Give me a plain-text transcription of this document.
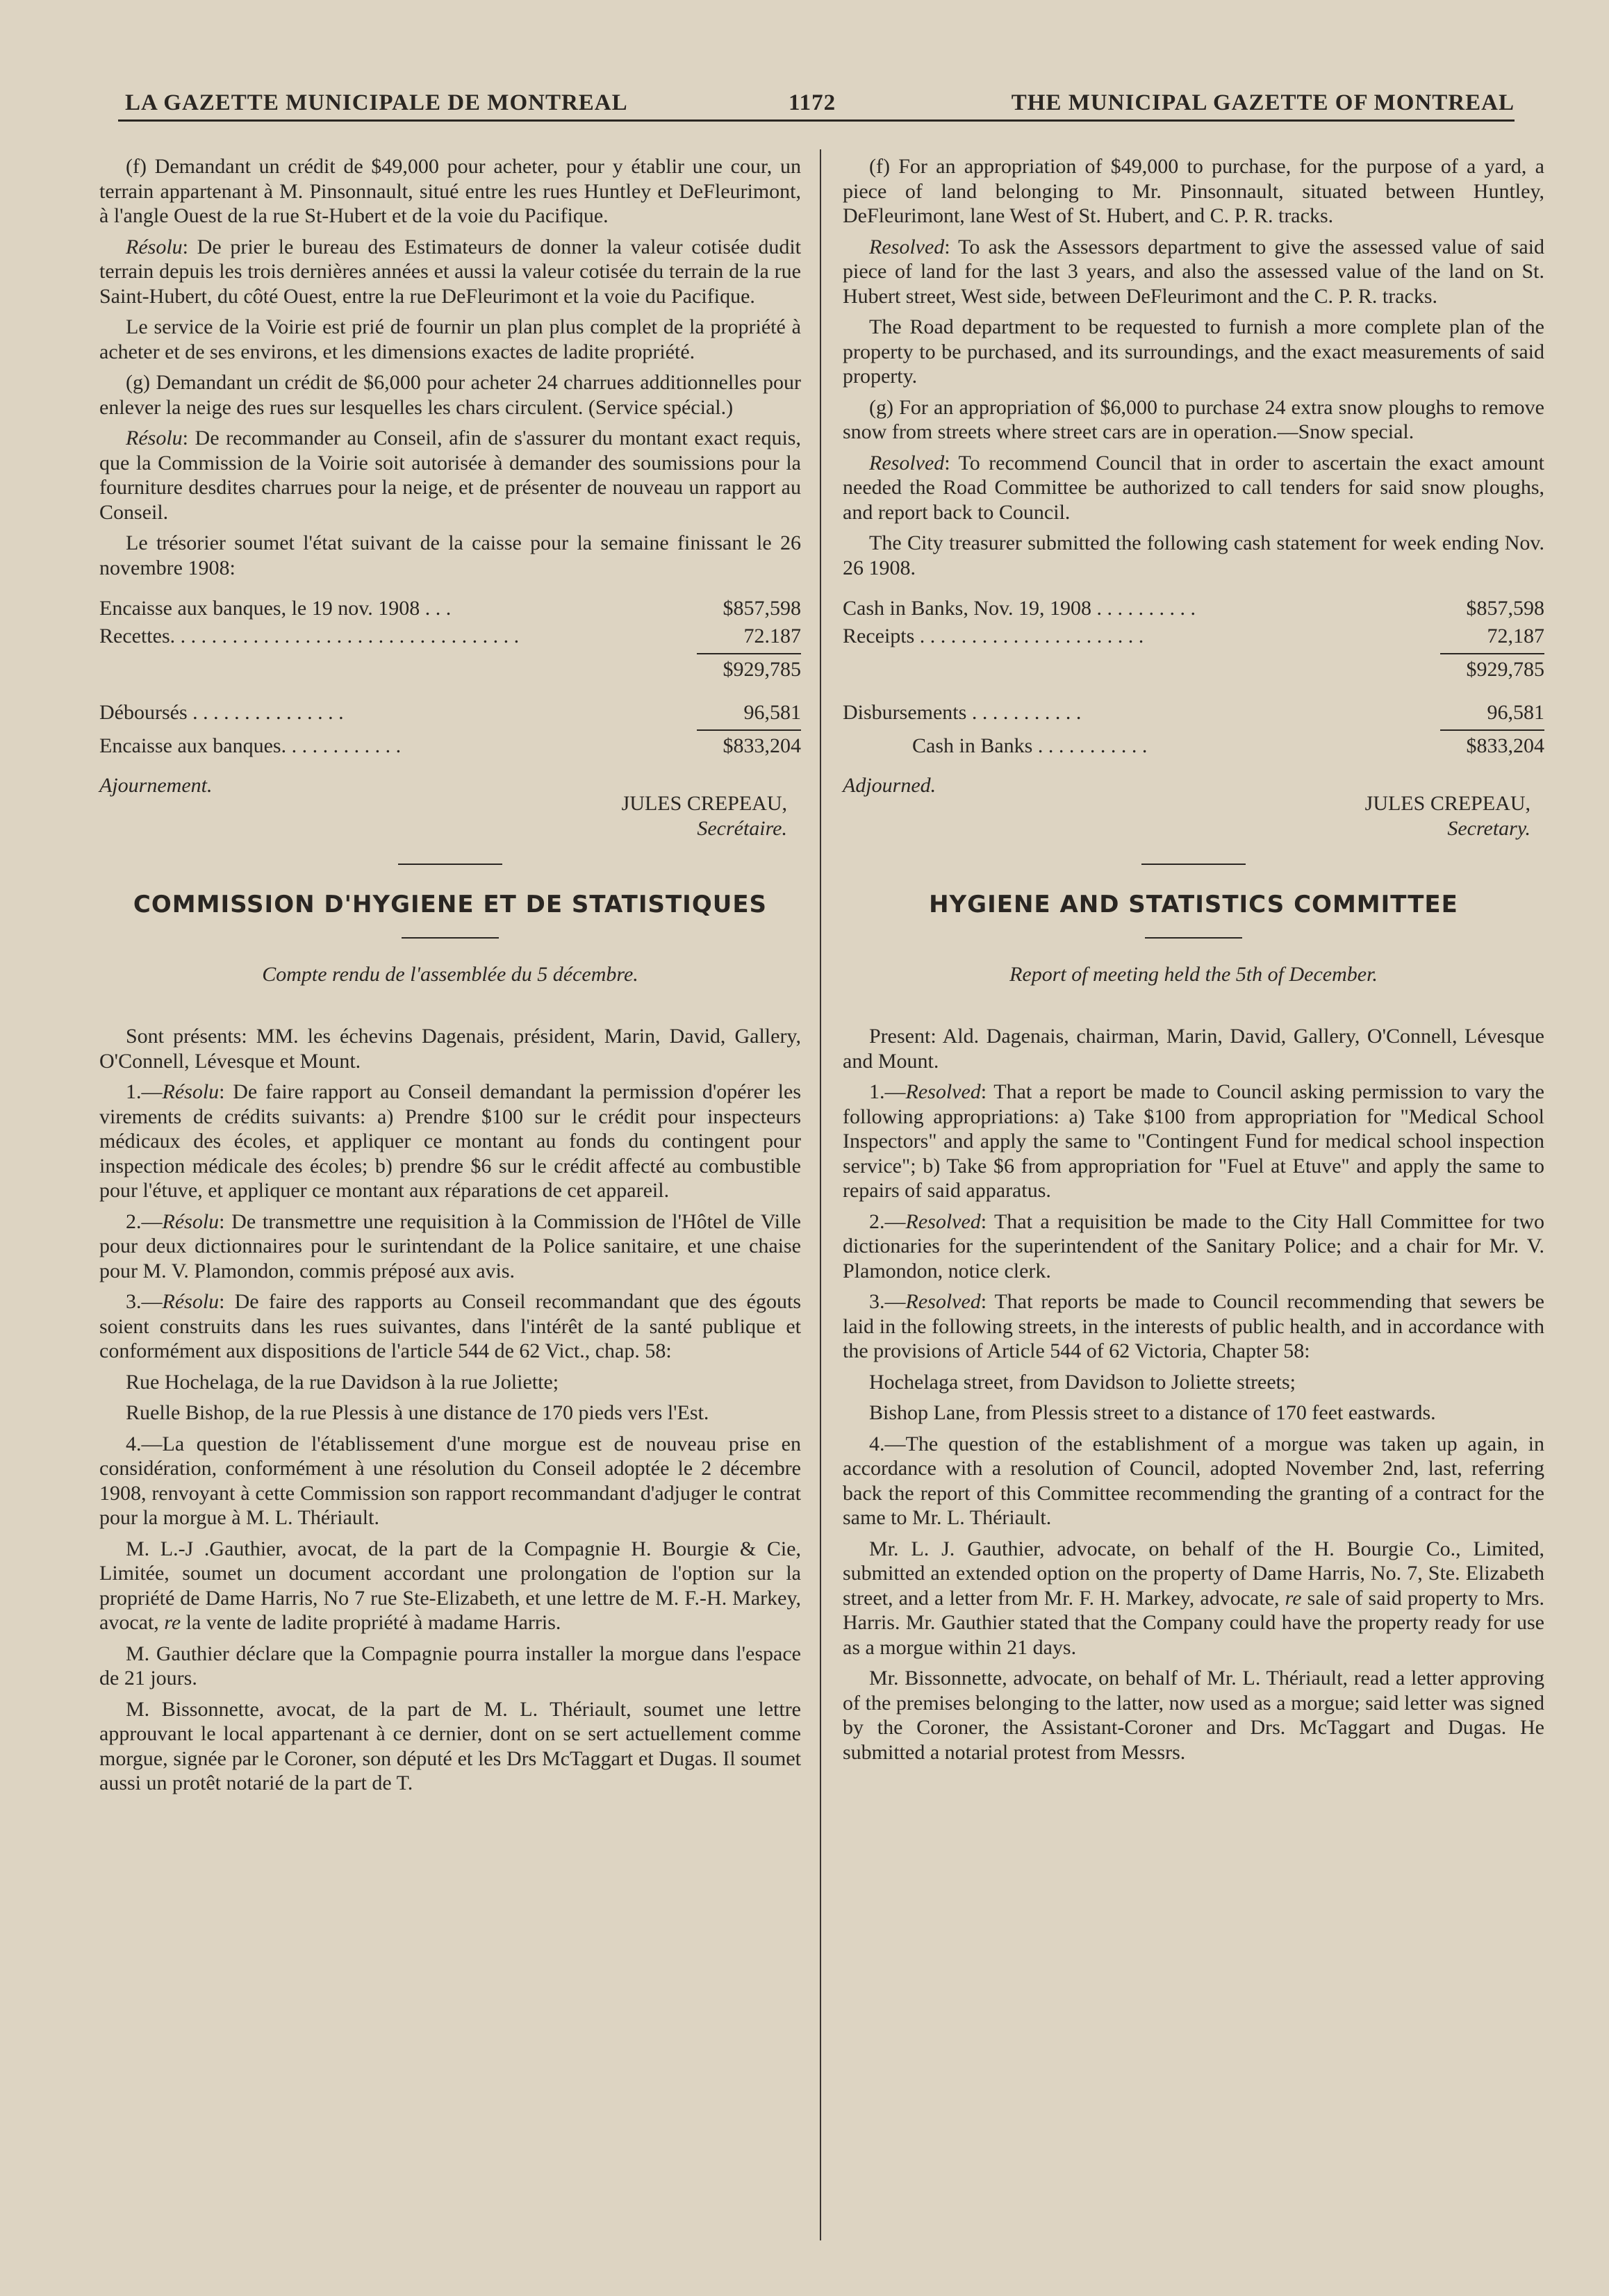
LA GAZETTE MUNICIPALE DE MONTREAL	1172	THE MUNICIPAL GAZETTE OF MONTREAL

(f) Demandant un crédit de $49,000 pour acheter, pour y établir une cour, un terrain appartenant à M. Pinsonnault, situé entre les rues Huntley et DeFleurimont, à l'angle Ouest de la rue St-Hubert et de la voie du Pacifique.

Résolu: De prier le bureau des Estimateurs de donner la valeur cotisée dudit terrain depuis les trois dernières années et aussi la valeur cotisée du terrain de la rue Saint-Hubert, du côté Ouest, entre la rue DeFleurimont et la voie du Pacifique.

Le service de la Voirie est prié de fournir un plan plus complet de la propriété à acheter et de ses environs, et les dimensions exactes de ladite propriété.

(g) Demandant un crédit de $6,000 pour acheter 24 charrues additionnelles pour enlever la neige des rues sur lesquelles les chars circulent. (Service spécial.)

Résolu: De recommander au Conseil, afin de s'assurer du montant exact requis, que la Commission de la Voirie soit autorisée à demander des soumissions pour la fourniture desdites charrues pour la neige, et de présenter de nouveau un rapport au Conseil.

Le trésorier soumet l'état suivant de la caisse pour la semaine finissant le 26 novembre 1908:

Encaisse aux banques, le 19 nov. 1908 . . .	$857,598
Recettes. . . . . . . . . . . . . . . . . . . . . . . . . . . . . . . . . .	72.187
$929,785
Déboursés . . . . . . . . . . . . . . .	96,581
Encaisse aux banques. . . . . . . . . . . .	$833,204
Ajournement.
JULES CREPEAU,
Secrétaire.
COMMISSION D'HYGIENE ET DE STATISTIQUES
Compte rendu de l'assemblée du 5 décembre.

Sont présents: MM. les échevins Dagenais, président, Marin, David, Gallery, O'Connell, Lévesque et Mount.

1.—Résolu: De faire rapport au Conseil demandant la permission d'opérer les virements de crédits suivants: a) Prendre $100 sur le crédit pour inspecteurs médicaux des écoles, et appliquer ce montant au fonds du contingent pour inspection médicale des écoles; b) prendre $6 sur le crédit affecté au combustible pour l'étuve, et appliquer ce montant aux réparations de cet appareil.

2.—Résolu: De transmettre une requisition à la Commission de l'Hôtel de Ville pour deux dictionnaires pour le surintendant de la Police sanitaire, et une chaise pour M. V. Plamondon, commis préposé aux avis.

3.—Résolu: De faire des rapports au Conseil recommandant que des égouts soient construits dans les rues suivantes, dans l'intérêt de la santé publique et conformément aux dispositions de l'article 544 de 62 Vict., chap. 58:

Rue Hochelaga, de la rue Davidson à la rue Joliette;

Ruelle Bishop, de la rue Plessis à une distance de 170 pieds vers l'Est.

4.—La question de l'établissement d'une morgue est de nouveau prise en considération, conformément à une résolution du Conseil adoptée le 2 décembre 1908, renvoyant à cette Commission son rapport recommandant d'adjuger le contrat pour la morgue à M. L. Thériault.

M. L.-J .Gauthier, avocat, de la part de la Compagnie H. Bourgie & Cie, Limitée, soumet un document accordant une prolongation de l'option sur la propriété de Dame Harris, No 7 rue Ste-Elizabeth, et une lettre de M. F.-H. Markey, avocat, re la vente de ladite propriété à madame Harris.

M. Gauthier déclare que la Compagnie pourra installer la morgue dans l'espace de 21 jours.

M. Bissonnette, avocat, de la part de M. L. Thériault, soumet une lettre approuvant le local appartenant à ce dernier, dont on se sert actuellement comme morgue, signée par le Coroner, son député et les Drs McTaggart et Dugas. Il soumet aussi un protêt notarié de la part de T.

(f) For an appropriation of $49,000 to purchase, for the purpose of a yard, a piece of land belonging to Mr. Pinsonnault, situated between Huntley, DeFleurimont, lane West of St. Hubert, and C. P. R. tracks.

Resolved: To ask the Assessors department to give the assessed value of said piece of land for the last 3 years, and also the assessed value of the land on St. Hubert street, West side, between DeFleurimont and the C. P. R. tracks.

The Road department to be requested to furnish a more complete plan of the property to be purchased, and its surroundings, and the exact measurements of said property.

(g) For an appropriation of $6,000 to purchase 24 extra snow ploughs to remove snow from streets where street cars are in operation.—Snow special.

Resolved: To recommend Council that in order to ascertain the exact amount needed the Road Committee be authorized to call tenders for said snow ploughs, and report back to Council.

The City treasurer submitted the following cash statement for week ending Nov. 26 1908.

Cash in Banks, Nov. 19, 1908 . . . . . . . . . .	$857,598
Receipts . . . . . . . . . . . . . . . . . . . . . .	72,187
$929,785
Disbursements . . . . . . . . . . .	96,581
Cash in Banks . . . . . . . . . . .	$833,204
Adjourned.
JULES CREPEAU,
Secretary.
HYGIENE AND STATISTICS COMMITTEE
Report of meeting held the 5th of December.

Present: Ald. Dagenais, chairman, Marin, David, Gallery, O'Connell, Lévesque and Mount.

1.—Resolved: That a report be made to Council asking permission to vary the following appropriations: a) Take $100 from appropriation for "Medical School Inspectors" and apply the same to "Contingent Fund for medical school inspection service"; b) Take $6 from appropriation for "Fuel at Etuve" and apply the same to repairs of said apparatus.

2.—Resolved: That a requisition be made to the City Hall Committee for two dictionaries for the superintendent of the Sanitary Police; and a chair for Mr. V. Plamondon, notice clerk.

3.—Resolved: That reports be made to Council recommending that sewers be laid in the following streets, in the interests of public health, and in accordance with the provisions of Article 544 of 62 Victoria, Chapter 58:

Hochelaga street, from Davidson to Joliette streets;

Bishop Lane, from Plessis street to a distance of 170 feet eastwards.

4.—The question of the establishment of a morgue was taken up again, in accordance with a resolution of Council, adopted November 2nd, last, referring back the report of this Committee recommending the granting of a contract for the same to Mr. L. Thériault.

Mr. L. J. Gauthier, advocate, on behalf of the H. Bourgie Co., Limited, submitted an extended option on the property of Dame Harris, No. 7, Ste. Elizabeth street, and a letter from Mr. F. H. Markey, advocate, re sale of said property to Mrs. Harris. Mr. Gauthier stated that the Company could have the property ready for use as a morgue within 21 days.

Mr. Bissonnette, advocate, on behalf of Mr. L. Thériault, read a letter approving of the premises belonging to the latter, now used as a morgue; said letter was signed by the Coroner, the Assistant-Coroner and Drs. McTaggart and Dugas. He submitted a notarial protest from Messrs.
